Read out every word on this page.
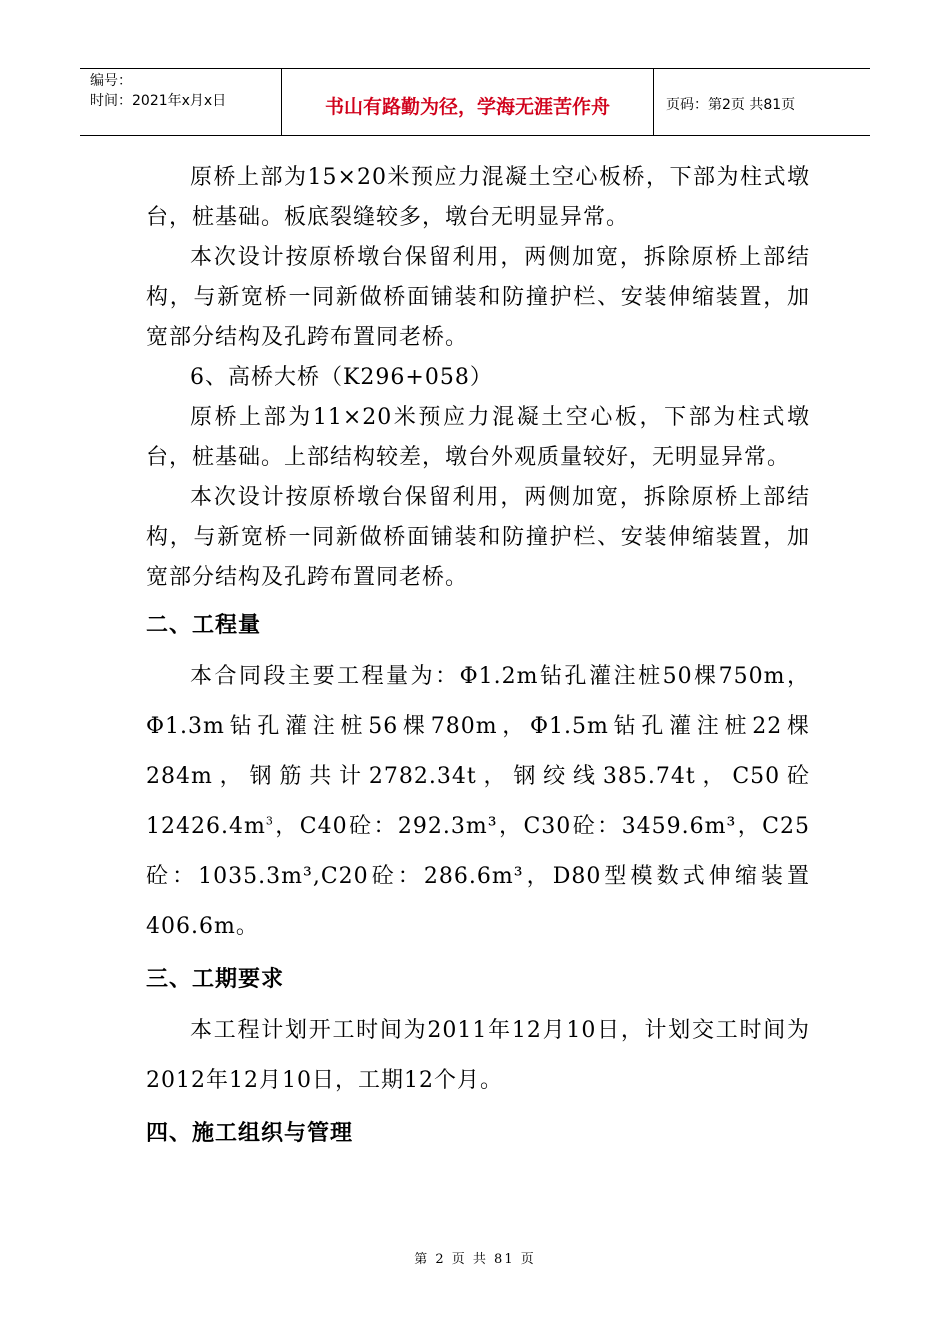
编号：
时间：2021年x月x日	书山有路勤为径，学海无涯苦作舟	页码：第2页 共81页

原桥上部为15×20米预应力混凝土空心板桥，下部为柱式墩台，桩基础。板底裂缝较多，墩台无明显异常。

本次设计按原桥墩台保留利用，两侧加宽，拆除原桥上部结构，与新宽桥一同新做桥面铺装和防撞护栏、安装伸缩装置，加宽部分结构及孔跨布置同老桥。

6、高桥大桥（K296+058）

原桥上部为11×20米预应力混凝土空心板，下部为柱式墩台，桩基础。上部结构较差，墩台外观质量较好，无明显异常。

本次设计按原桥墩台保留利用，两侧加宽，拆除原桥上部结构，与新宽桥一同新做桥面铺装和防撞护栏、安装伸缩装置，加宽部分结构及孔跨布置同老桥。

二、工程量

本合同段主要工程量为：Φ1.2m钻孔灌注桩50棵750m，Φ1.3m钻孔灌注桩56棵780m，Φ1.5m钻孔灌注桩22棵284m，钢筋共计2782.34t，钢绞线385.74t，C50砼$12426.4m^3$，C40砼：292.3m³，C30砼：3459.6m³，C25砼：1035.3m³,C20砼：286.6m³，D80型模数式伸缩装置406.6m。

三、工期要求

本工程计划开工时间为2011年12月10日，计划交工时间为2012年12月10日，工期12个月。

四、施工组织与管理
第 2 页 共 81 页
